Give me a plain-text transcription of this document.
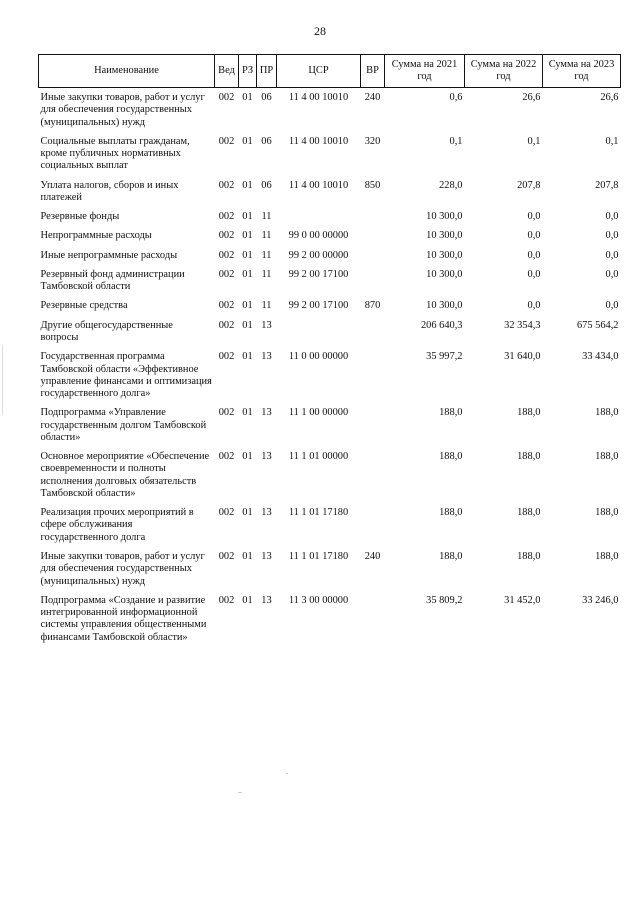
28
Наименование	Вед	РЗ	ПР	ЦСР	ВР	Сумма на 2021 год	Сумма на 2022 год	Сумма на 2023 год
Иные закупки товаров, работ и услуг для обеспечения государственных (муниципальных) нужд	002	01	06	11 4 00 10010	240	0,6	26,6	26,6
Социальные выплаты гражданам, кроме публичных нормативных социальных выплат	002	01	06	11 4 00 10010	320	0,1	0,1	0,1
Уплата налогов, сборов и иных платежей	002	01	06	11 4 00 10010	850	228,0	207,8	207,8
Резервные фонды	002	01	11			10 300,0	0,0	0,0
Непрограммные расходы	002	01	11	99 0 00 00000		10 300,0	0,0	0,0
Иные непрограммные расходы	002	01	11	99 2 00 00000		10 300,0	0,0	0,0
Резервный фонд администрации Тамбовской области	002	01	11	99 2 00 17100		10 300,0	0,0	0,0
Резервные средства	002	01	11	99 2 00 17100	870	10 300,0	0,0	0,0
Другие общегосударственные вопросы	002	01	13			206 640,3	32 354,3	675 564,2
Государственная программа Тамбовской области «Эффективное управление финансами и оптимизация государственного долга»	002	01	13	11 0 00 00000		35 997,2	31 640,0	33 434,0
Подпрограмма «Управление государственным долгом Тамбовской области»	002	01	13	11 1 00 00000		188,0	188,0	188,0
Основное мероприятие «Обеспечение своевременности и полноты исполнения долговых обязательств Тамбовской области»	002	01	13	11 1 01 00000		188,0	188,0	188,0
Реализация прочих мероприятий в сфере обслуживания государственного долга	002	01	13	11 1 01 17180		188,0	188,0	188,0
Иные закупки товаров, работ и услуг для обеспечения государственных (муниципальных) нужд	002	01	13	11 1 01 17180	240	188,0	188,0	188,0
Подпрограмма «Создание и развитие интегрированной информационной системы управления общественными финансами Тамбовской области»	002	01	13	11 3 00 00000		35 809,2	31 452,0	33 246,0
